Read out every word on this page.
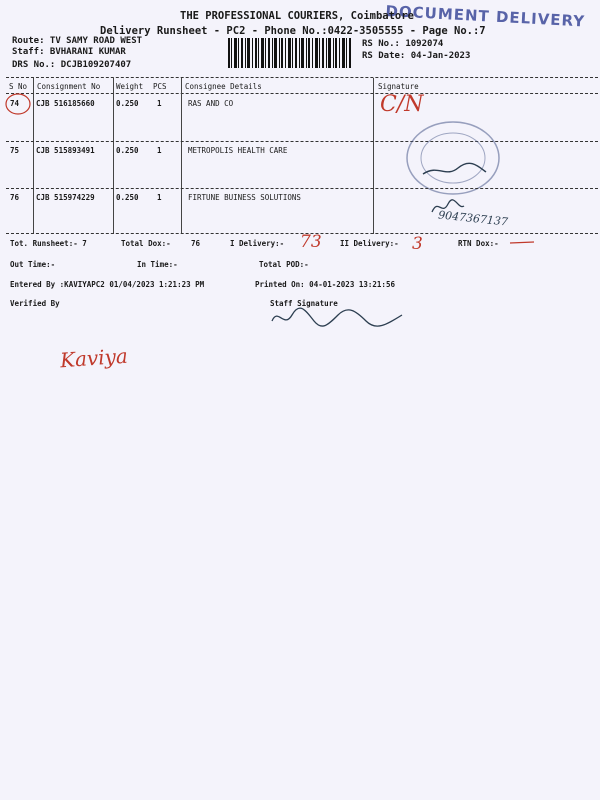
DOCUMENT DELIVERY
THE PROFESSIONAL COURIERS, Coimbatore
Delivery Runsheet - PC2 - Phone No.:0422-3505555 - Page No.:7
Route: TV SAMY ROAD WEST
Staff: BVHARANI KUMAR
DRS No.: DCJB109207407
RS No.: 1092074
RS Date: 04-Jan-2023
S No Consignment No Weight PCS Consignee Details	Signature
74 CJB 516185660	0.250 1	RAS AND CO	C/N
75 CJB 515893491	0.250 1	METROPOLIS HEALTH CARE
76 CJB 515974229	0.250 1	FIRTUNE BUINESS SOLUTIONS
9047367137
Tot. Runsheet:- 7	Total Dox:-	76	I Delivery:- 73 II Delivery:- 3	RTN Dox:-
Out Time:-	In Time:-	Total POD:-
Entered By :KAVIYAPC2 01/04/2023 1:21:23 PM	Printed On: 04-01-2023 13:21:56
Verified By	Staff Signature
Kaviya
